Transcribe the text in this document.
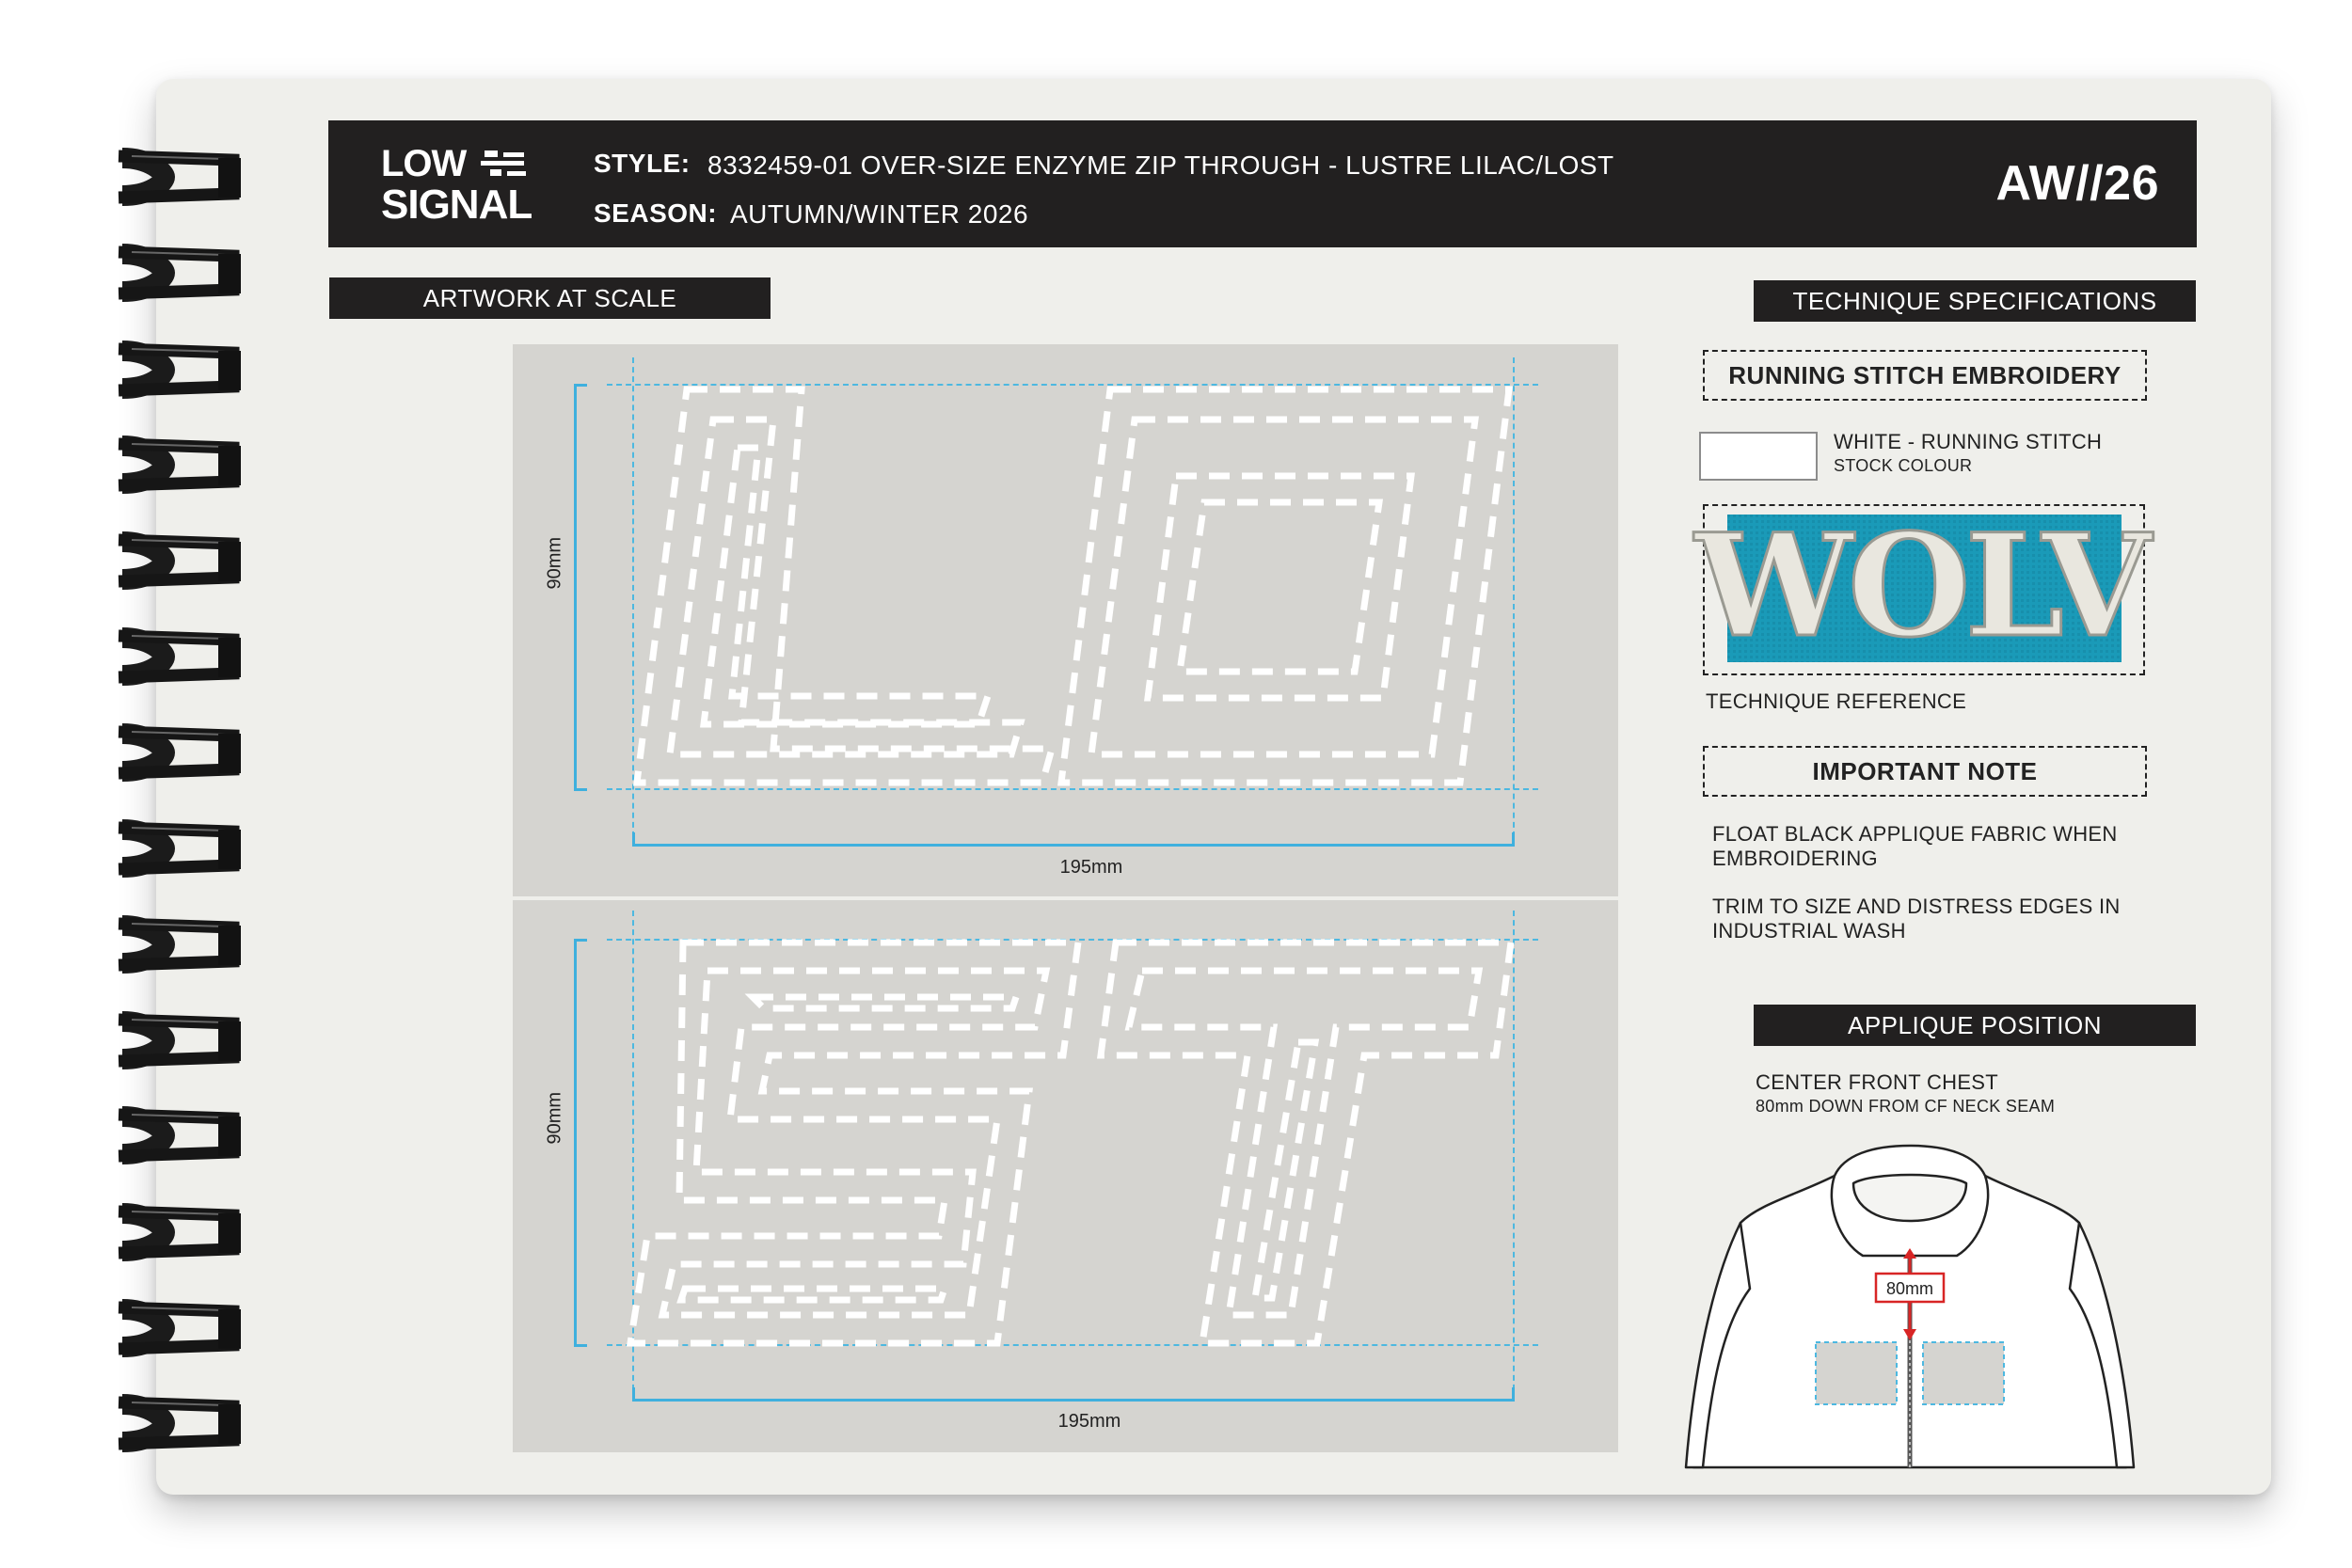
LOW
SIGNAL
STYLE: 8332459-01 OVER-SIZE ENZYME ZIP THROUGH - LUSTRE LILAC/LOST
SEASON: AUTUMN/WINTER 2026
AW//26
ARTWORK AT SCALE
90mm
195mm
90mm
195mm
TECHNIQUE SPECIFICATIONS
RUNNING STITCH EMBROIDERY
WHITE - RUNNING STITCH
STOCK COLOUR
WOLV
TECHNIQUE REFERENCE
IMPORTANT NOTE
FLOAT BLACK APPLIQUE FABRIC WHEN EMBROIDERING
TRIM TO SIZE AND DISTRESS EDGES IN INDUSTRIAL WASH
APPLIQUE POSITION
CENTER FRONT CHEST
80mm DOWN FROM CF NECK SEAM
80mm
